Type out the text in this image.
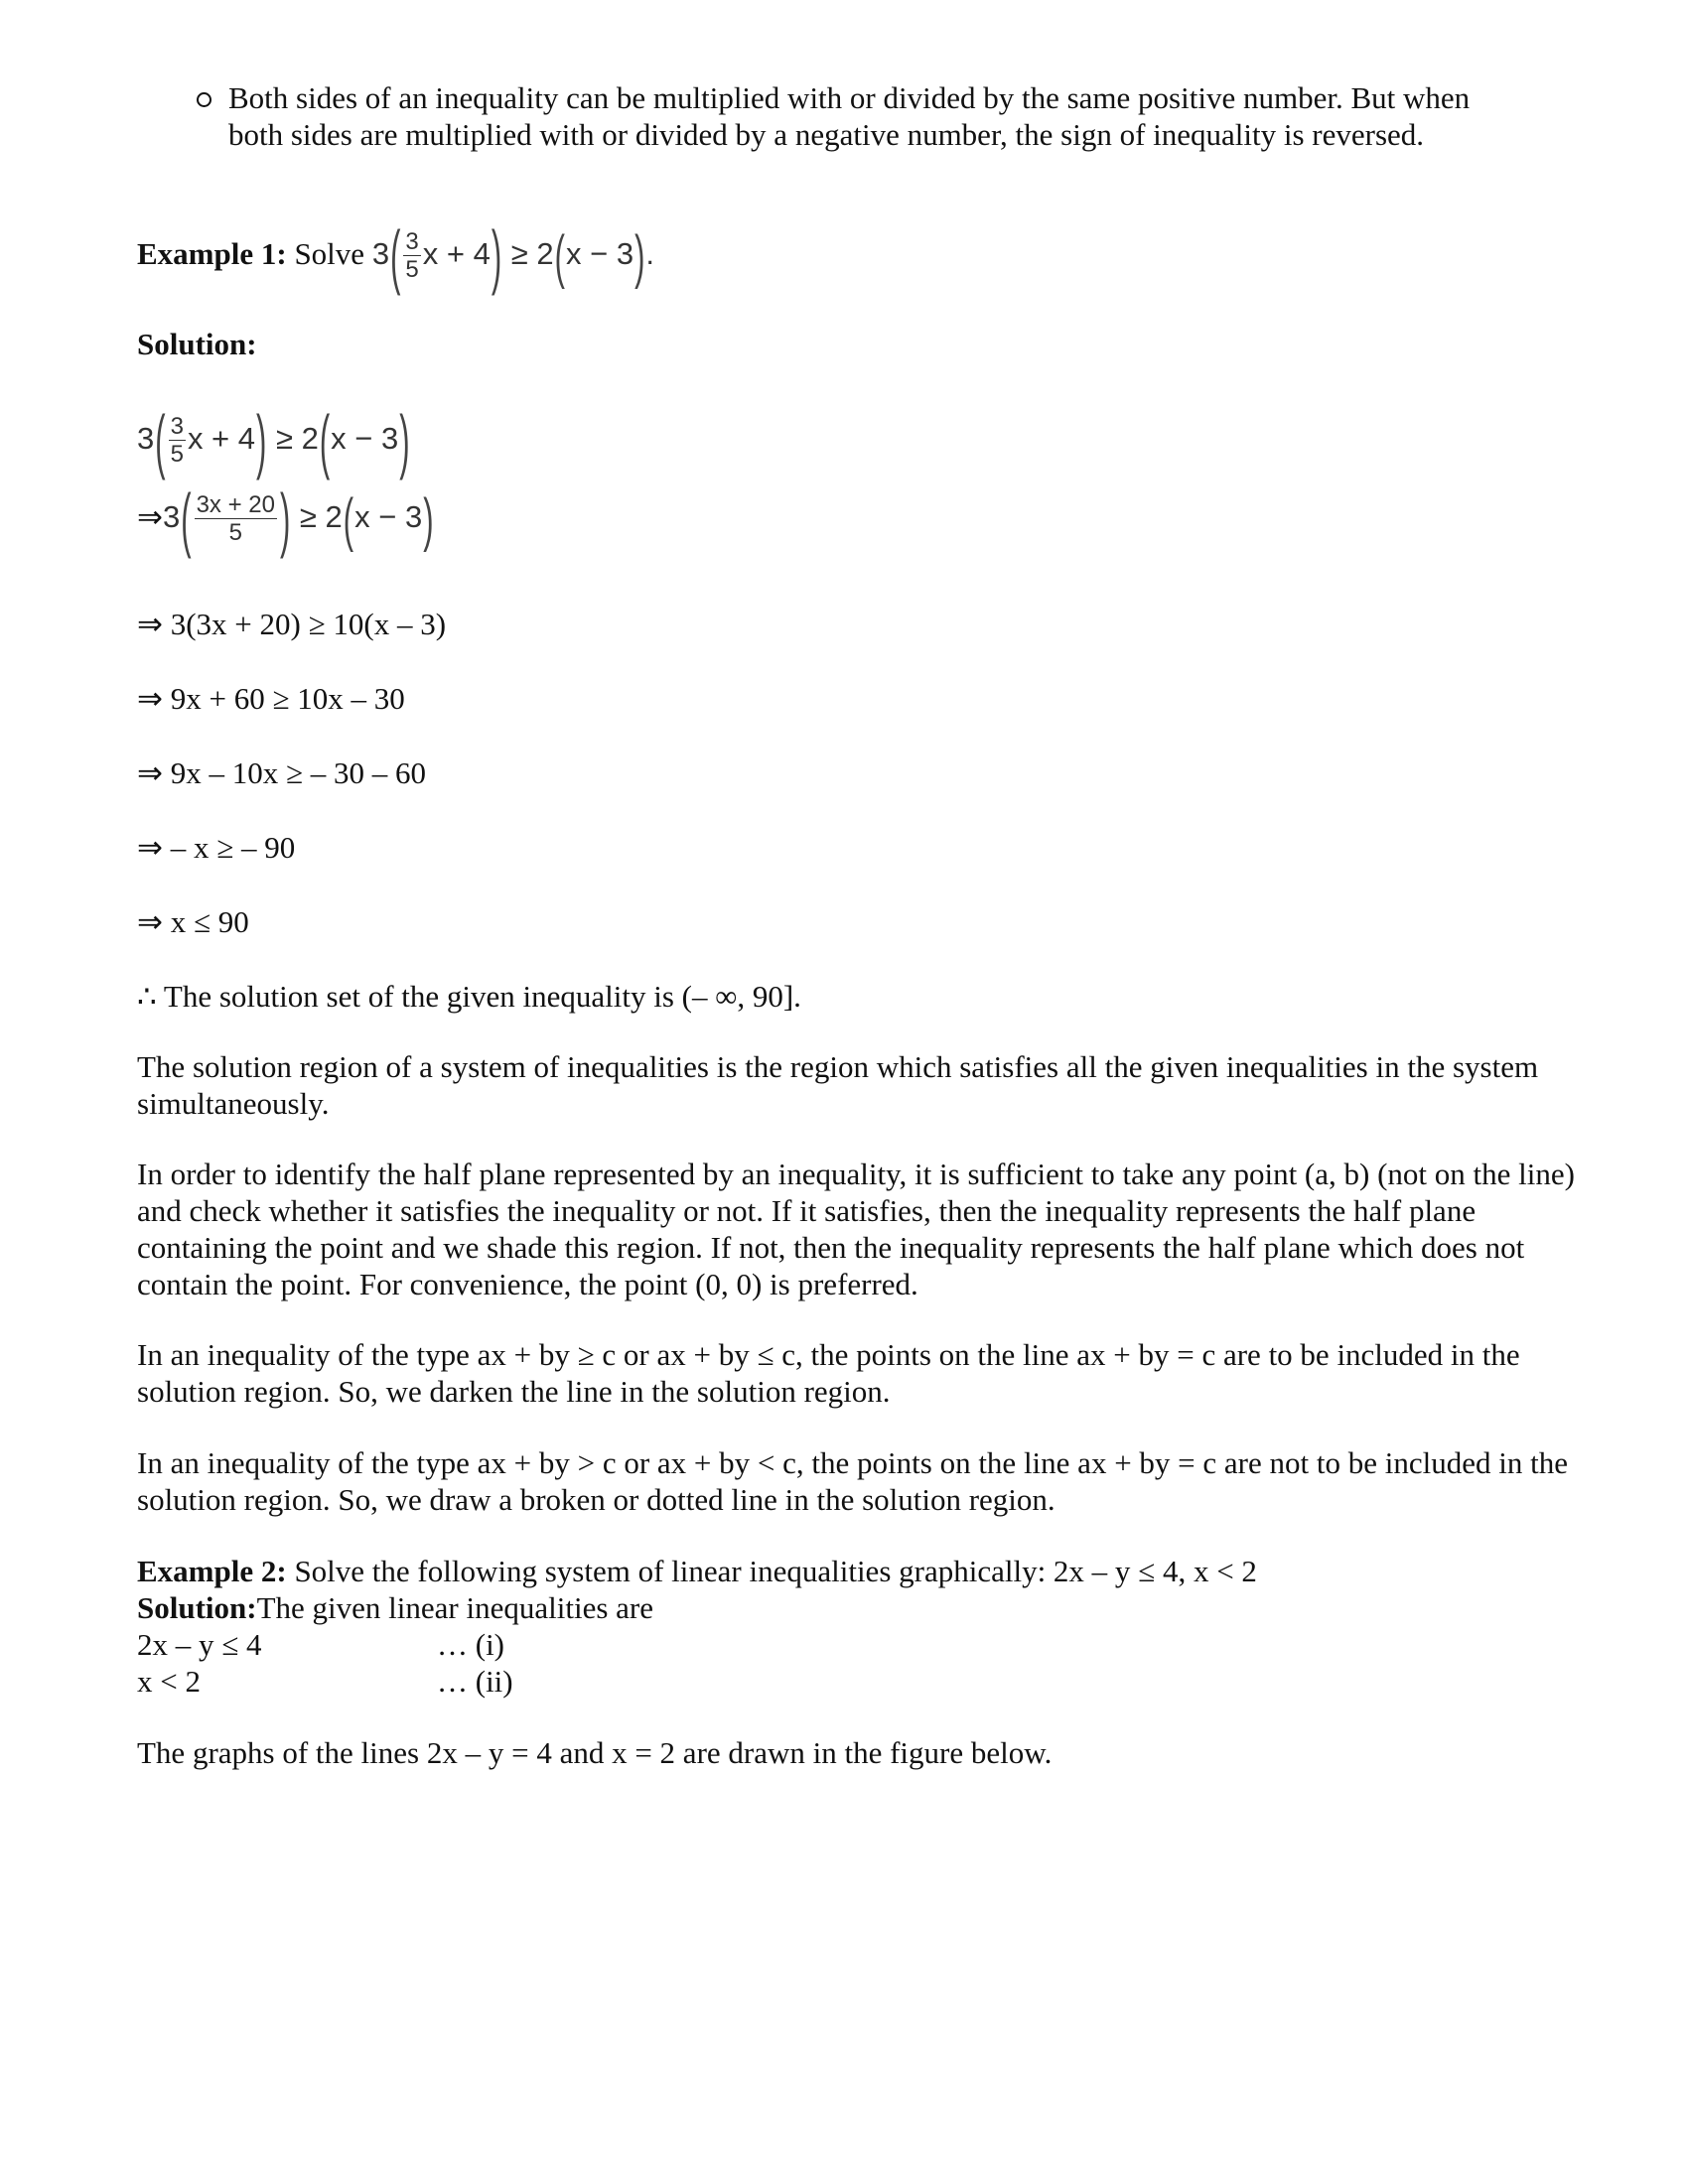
Both sides of an inequality can be multiplied with or divided by the same positive number. But when both sides are multiplied with or divided by a negative number, the sign of inequality is reversed.
Example 1: Solve $3( \frac{3}{5}$ x + 4) ≥ 2(x − 3).
Solution:
$3( \frac{3}{5}$ x + 4) ≥ 2(x − 3)
⇒3( $\frac{3x + 20}{5}$ ) ≥ 2(x − 3)
⇒ 3(3x + 20) ≥ 10(x – 3)
⇒ 9x + 60 ≥ 10x – 30
⇒ 9x – 10x ≥ – 30 – 60
⇒ – x ≥ – 90
⇒ x ≤ 90
∴ The solution set of the given inequality is (– ∞, 90].
The solution region of a system of inequalities is the region which satisfies all the given inequalities in the system simultaneously.
In order to identify the half plane represented by an inequality, it is sufficient to take any point (a, b) (not on the line) and check whether it satisfies the inequality or not. If it satisfies, then the inequality represents the half plane containing the point and we shade this region. If not, then the inequality represents the half plane which does not contain the point. For convenience, the point (0, 0) is preferred.
In an inequality of the type ax + by ≥ c or ax + by ≤ c, the points on the line ax + by = c are to be included in the solution region. So, we darken the line in the solution region.
In an inequality of the type ax + by > c or ax + by < c, the points on the line ax + by = c are not to be included in the solution region. So, we draw a broken or dotted line in the solution region.
Example 2: Solve the following system of linear inequalities graphically: 2x – y ≤ 4, x < 2
Solution:The given linear inequalities are
2x – y ≤ 4	… (i)
x < 2	… (ii)
The graphs of the lines 2x – y = 4 and x = 2 are drawn in the figure below.
